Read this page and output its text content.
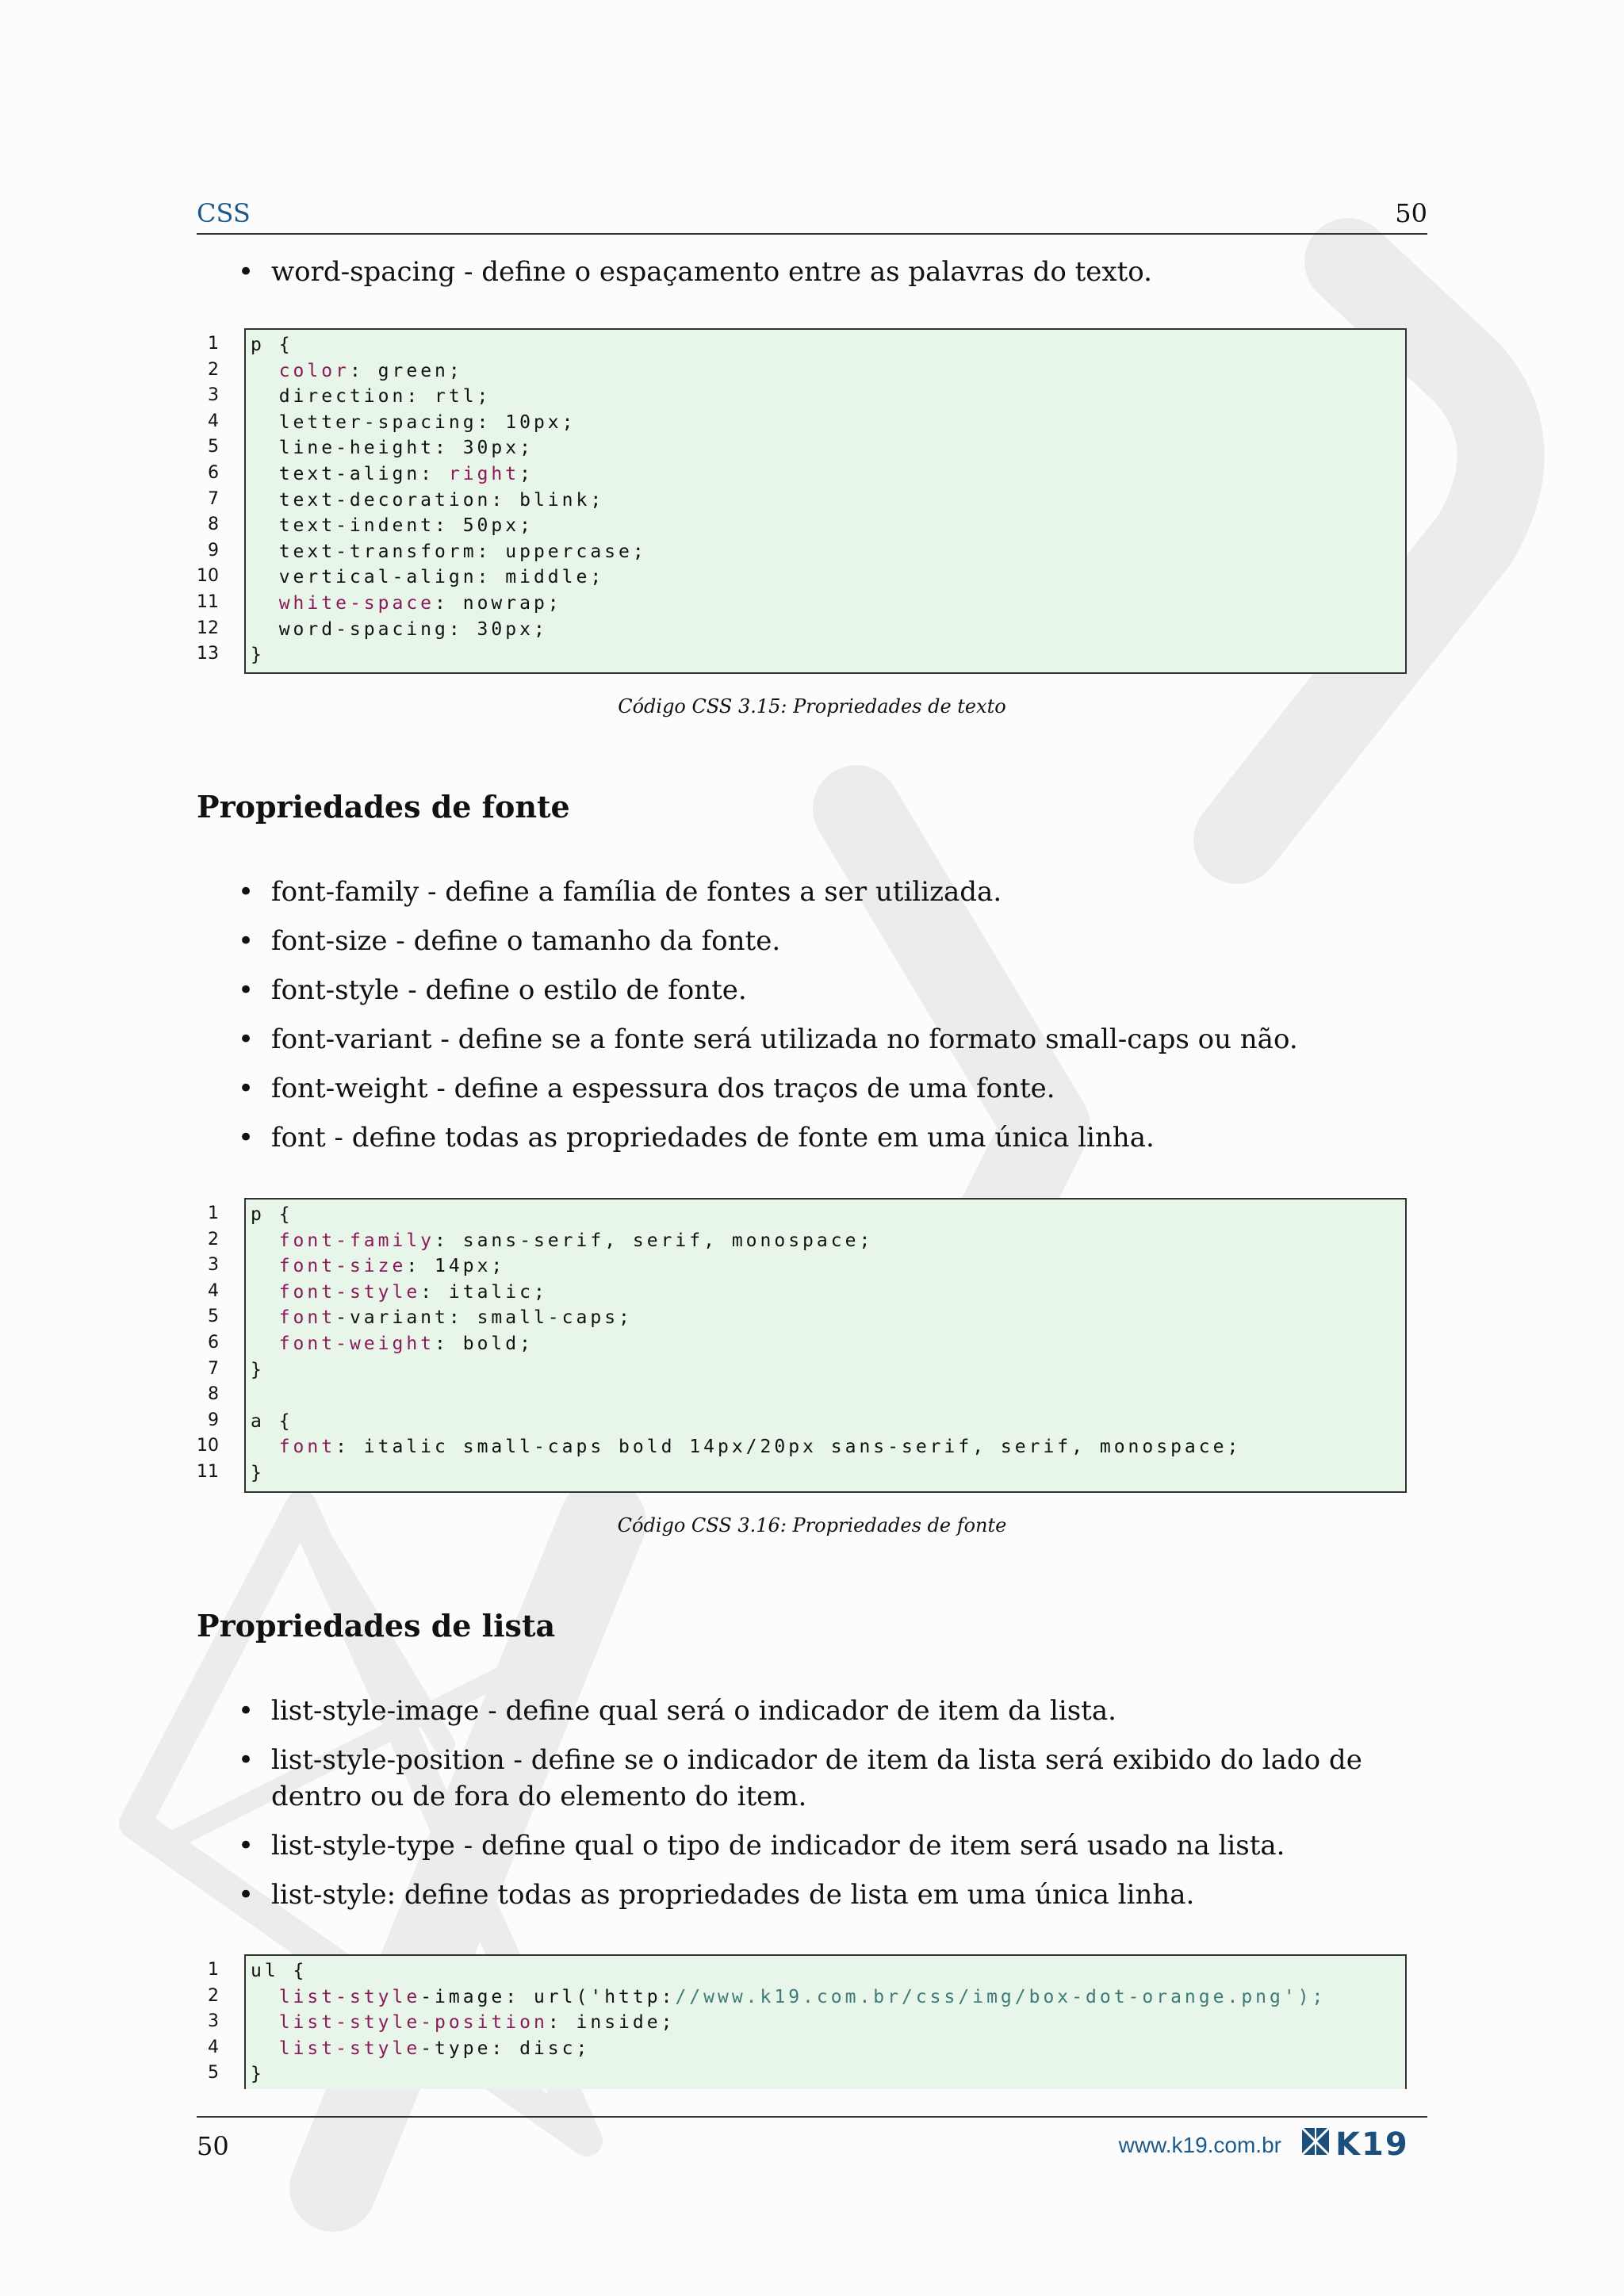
CSS	50
• word-spacing - define o espaçamento entre as palavras do texto.
1
2
3
4
5
6
7
8
9
10
11
12
13
p {
color: green;
direction: rtl;
letter-spacing: 10px;
line-height: 30px;
text-align: right;
text-decoration: blink;
text-indent: 50px;
text-transform: uppercase;
vertical-align: middle;
white-space: nowrap;
word-spacing: 30px;
}
Código CSS 3.15: Propriedades de texto
Propriedades de fonte
• font-family - define a família de fontes a ser utilizada.
• font-size - define o tamanho da fonte.
• font-style - define o estilo de fonte.
• font-variant - define se a fonte será utilizada no formato small-caps ou não.
• font-weight - define a espessura dos traços de uma fonte.
• font - define todas as propriedades de fonte em uma única linha.
1
2
3
4
5
6
7
8
9
10
11
p {
font-family: sans-serif, serif, monospace;
font-size: 14px;
font-style: italic;
font-variant: small-caps;
font-weight: bold;
}
a {
font: italic small-caps bold 14px/20px sans-serif, serif, monospace;
}
Código CSS 3.16: Propriedades de fonte
Propriedades de lista
• list-style-image - define qual será o indicador de item da lista.
• list-style-position - define se o indicador de item da lista será exibido do lado de dentro ou de fora do elemento do item.
• list-style-type - define qual o tipo de indicador de item será usado na lista.
• list-style: define todas as propriedades de lista em uma única linha.
1
2
3
4
5
ul {
list-style-image: url('http://www.k19.com.br/css/img/box-dot-orange.png');
list-style-position: inside;
list-style-type: disc;
}
50	www.k19.com.br K19
